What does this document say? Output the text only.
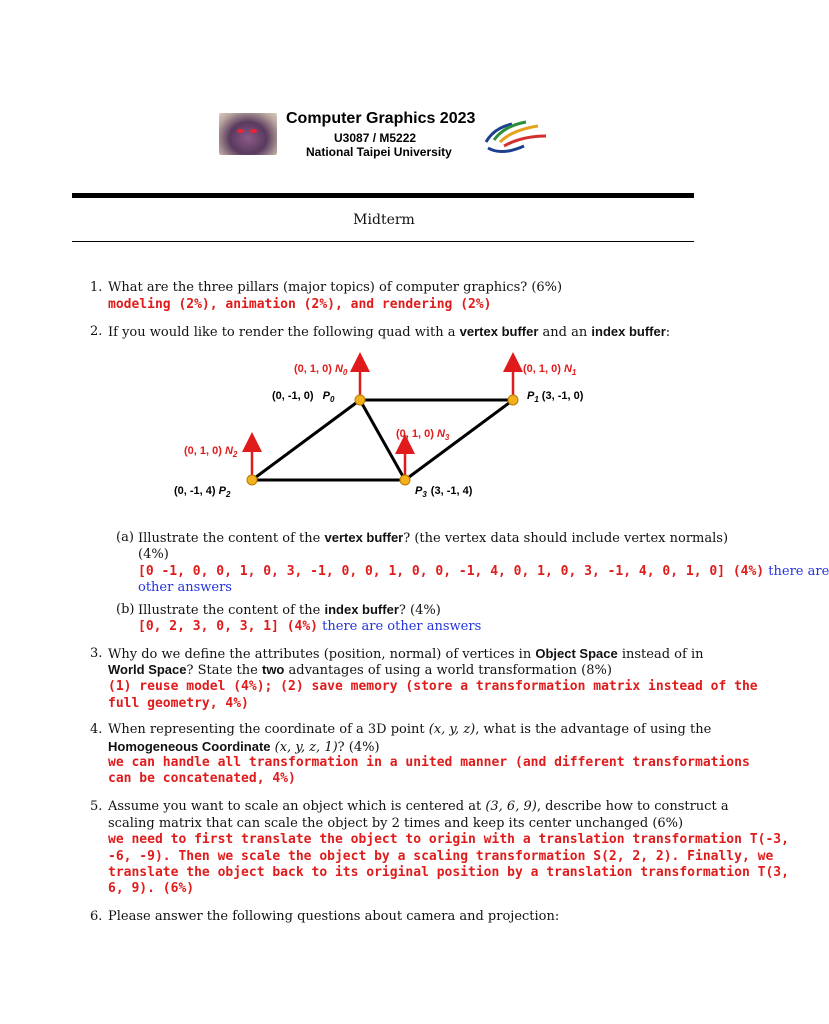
Computer Graphics 2023
U3087 / M5222
National Taipei University
Midterm
1. What are the three pillars (major topics) of computer graphics? (6%)
modeling (2%), animation (2%), and rendering (2%)
2. If you would like to render the following quad with a vertex buffer and an index buffer:
(0, 1, 0) $N_0$	(0, 1, 0) $N_1$
(0, 1, 0) $N_2$
(0, 1, 0) $N_3$
(0, -1, 0) $P_0$	$P_1$ (3, -1, 0)
(0, -1, 4) $P_2$	$P_3$ (3, -1, 4)
(a) Illustrate the content of the vertex buffer? (the vertex data should include vertex normals)
(4%)
[0 -1, 0, 0, 1, 0, 3, -1, 0, 0, 1, 0, 0, -1, 4, 0, 1, 0, 3, -1, 4, 0, 1, 0] (4%) there are
other answers
(b) Illustrate the content of the index buffer? (4%)
[0, 2, 3, 0, 3, 1] (4%) there are other answers
3. Why do we define the attributes (position, normal) of vertices in Object Space instead of in
World Space? State the two advantages of using a world transformation (8%)
(1) reuse model (4%); (2) save memory (store a transformation matrix instead of the
full geometry, 4%)
4. When representing the coordinate of a 3D point (x, y, z), what is the advantage of using the
Homogeneous Coordinate (x, y, z, 1)? (4%)
we can handle all transformation in a united manner (and different transformations
can be concatenated, 4%)
5. Assume you want to scale an object which is centered at (3, 6, 9), describe how to construct a
scaling matrix that can scale the object by 2 times and keep its center unchanged (6%)
we need to first translate the object to origin with a translation transformation T(-3,
-6, -9). Then we scale the object by a scaling transformation S(2, 2, 2). Finally, we
translate the object back to its original position by a translation transformation T(3,
6, 9). (6%)
6. Please answer the following questions about camera and projection:
